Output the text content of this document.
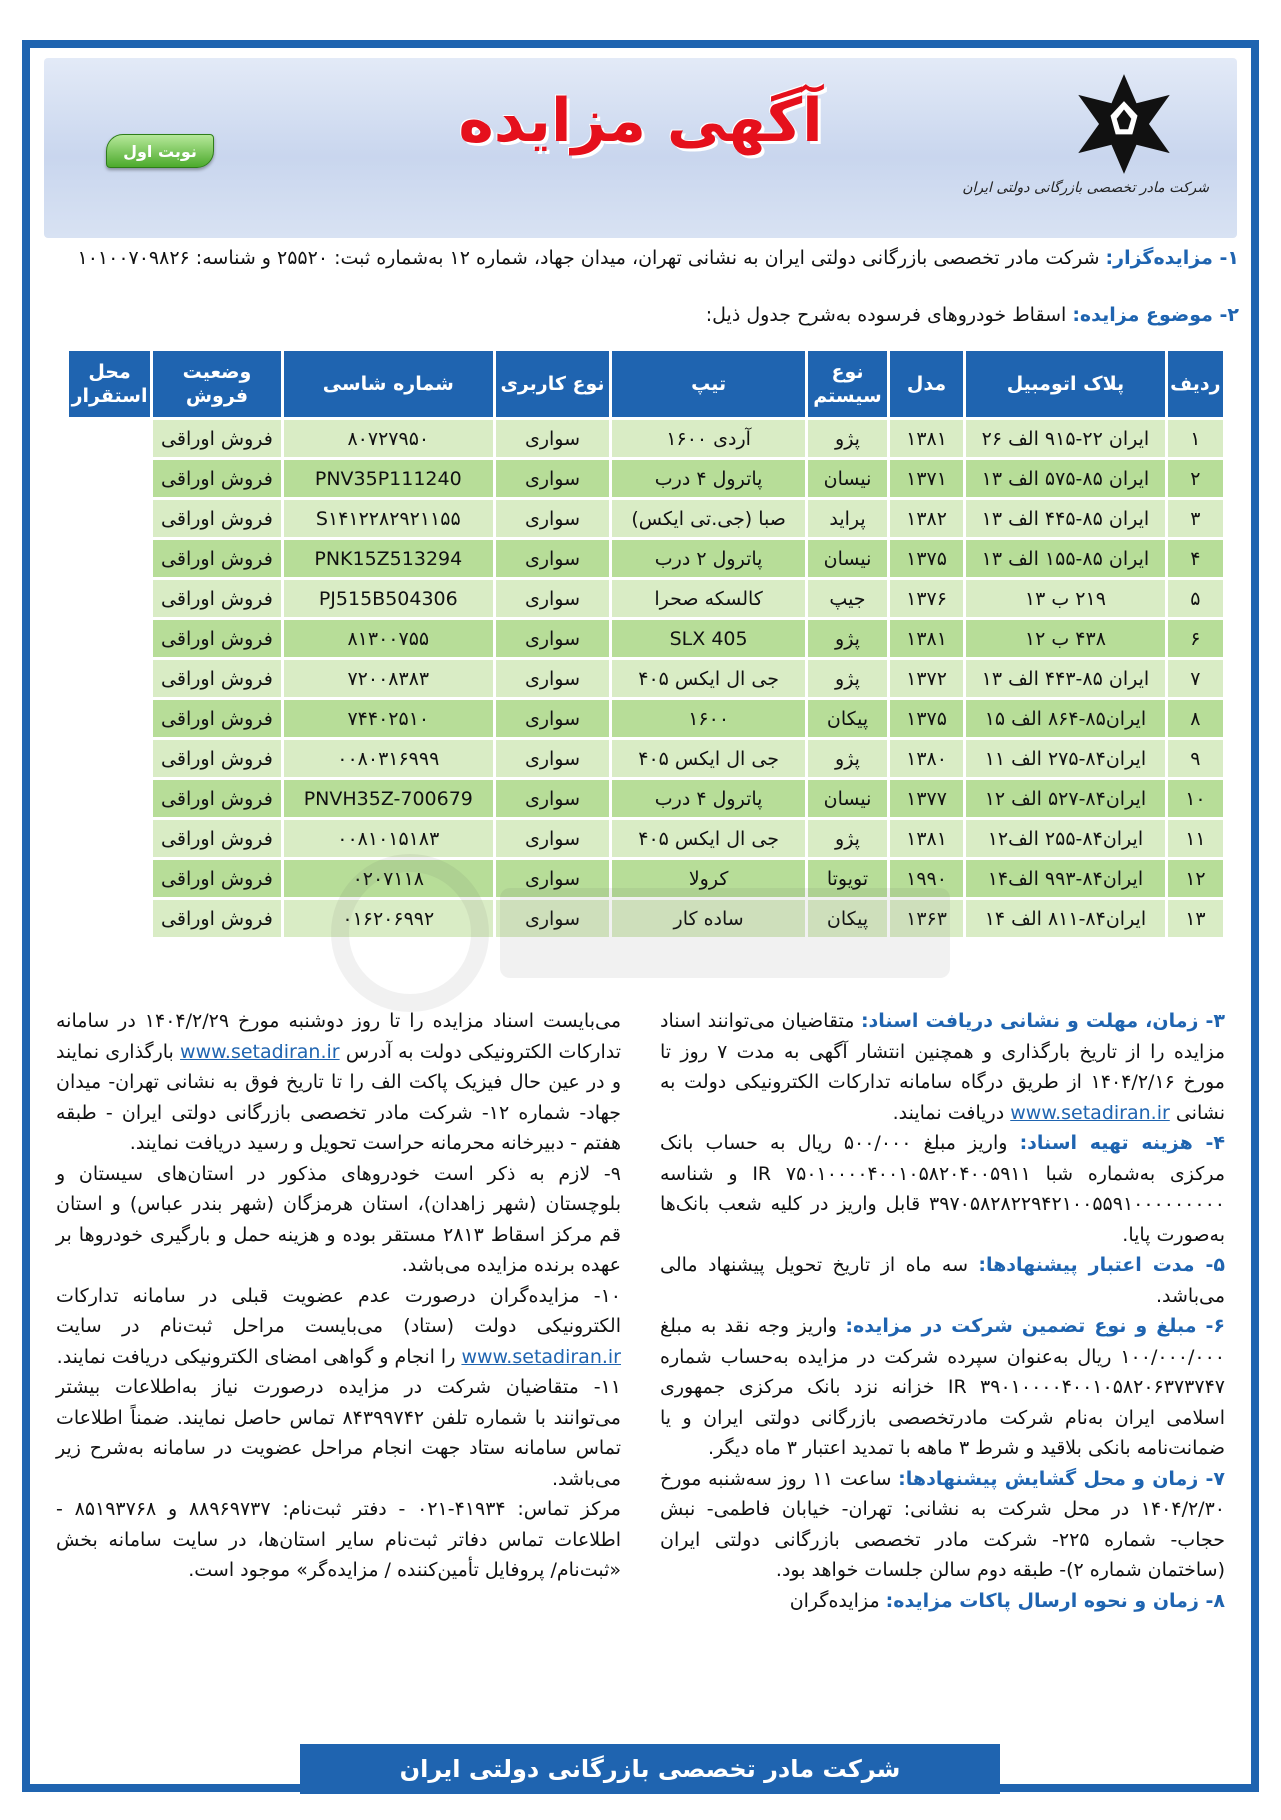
شرکت مادر تخصصی بازرگانی دولتی ایران
آگهی مزایده
نوبت اول
۱- مزایده‌گزار: شرکت مادر تخصصی بازرگانی دولتی ایران به نشانی تهران، میدان جهاد، شماره ۱۲ به‌شماره ثبت: ۲۵۵۲۰ و شناسه: ۱۰۱۰۰۷۰۹۸۲۶
۲- موضوع مزایده: اسقاط خودروهای فرسوده به‌شرح جدول ذیل:
ردیف	پلاک اتومبیل	مدل	نوع سیستم	تیپ	نوع کاربری	شماره شاسی	وضعیت فروش	محل استقرار
۱	ایران ۲۲-۹۱۵ الف ۲۶	۱۳۸۱	پژو	آردی ۱۶۰۰	سواری	۸۰۷۲۷۹۵۰	فروش اوراقی	
۲	ایران ۸۵-۵۷۵ الف ۱۳	۱۳۷۱	نیسان	پاترول ۴ درب	سواری	PNV35P111240	فروش اوراقی	
۳	ایران ۸۵-۴۴۵ الف ۱۳	۱۳۸۲	پراید	صبا (جی.تی ایکس)	سواری	S۱۴۱۲۲۸۲۹۲۱۱۵۵	فروش اوراقی	
۴	ایران ۸۵-۱۵۵ الف ۱۳	۱۳۷۵	نیسان	پاترول ۲ درب	سواری	PNK15Z513294	فروش اوراقی	
۵	۲۱۹ ب ۱۳	۱۳۷۶	جیپ	کالسکه صحرا	سواری	PJ515B504306	فروش اوراقی	
۶	۴۳۸ ب ۱۲	۱۳۸۱	پژو	405 SLX	سواری	۸۱۳۰۰۷۵۵	فروش اوراقی	
۷	ایران ۸۵-۴۴۳ الف ۱۳	۱۳۷۲	پژو	جی ال ایکس ۴۰۵	سواری	۷۲۰۰۸۳۸۳	فروش اوراقی	
۸	ایران۸۵-۸۶۴ الف ۱۵	۱۳۷۵	پیکان	۱۶۰۰	سواری	۷۴۴۰۲۵۱۰	فروش اوراقی	
۹	ایران۸۴-۲۷۵ الف ۱۱	۱۳۸۰	پژو	جی ال ایکس ۴۰۵	سواری	۰۰۸۰۳۱۶۹۹۹	فروش اوراقی	
۱۰	ایران۸۴-۵۲۷ الف ۱۲	۱۳۷۷	نیسان	پاترول ۴ درب	سواری	PNVH35Z-700679	فروش اوراقی	
۱۱	ایران۸۴-۲۵۵ الف۱۲	۱۳۸۱	پژو	جی ال ایکس ۴۰۵	سواری	۰۰۸۱۰۱۵۱۸۳	فروش اوراقی	
۱۲	ایران۸۴-۹۹۳ الف۱۴	۱۹۹۰	تویوتا	کرولا	سواری	۰۲۰۷۱۱۸	فروش اوراقی	
۱۳	ایران۸۴-۸۱۱ الف ۱۴	۱۳۶۳	پیکان	ساده کار	سواری	۰۱۶۲۰۶۹۹۲	فروش اوراقی	

۳- زمان، مهلت و نشانی دریافت اسناد: متقاضیان می‌توانند اسناد مزایده را از تاریخ بارگذاری و همچنین انتشار آگهی به مدت ۷ روز تا مورخ ۱۴۰۴/۲/۱۶ از طریق درگاه سامانه تدارکات الکترونیکی دولت به نشانی www.setadiran.ir دریافت نمایند.

۴- هزینه تهیه اسناد: واریز مبلغ ۵۰۰/۰۰۰ ریال به حساب بانک مرکزی به‌شماره شبا IR ۷۵۰۱۰۰۰۰۴۰۰۱۰۵۸۲۰۴۰۰۵۹۱۱ و شناسه ۳۹۷۰۵۸۲۸۲۲۹۴۲۱۰۰۵۵۹۱۰۰۰۰۰۰۰۰۰ قابل واریز در کلیه شعب بانک‌ها به‌صورت پایا.

۵- مدت اعتبار پیشنهادها: سه ماه از تاریخ تحویل پیشنهاد مالی می‌باشد.

۶- مبلغ و نوع تضمین شرکت در مزایده: واریز وجه نقد به مبلغ ۱۰۰/۰۰۰/۰۰۰ ریال به‌عنوان سپرده شرکت در مزایده به‌حساب شماره IR ۳۹۰۱۰۰۰۰۴۰۰۱۰۵۸۲۰۶۳۷۳۷۴۷ خزانه نزد بانک مرکزی جمهوری اسلامی ایران به‌نام شرکت مادرتخصصی بازرگانی دولتی ایران و یا ضمانت‌نامه بانکی بلاقید و شرط ۳ ماهه با تمدید اعتبار ۳ ماه دیگر.

۷- زمان و محل گشایش پیشنهادها: ساعت ۱۱ روز سه‌شنبه مورخ ۱۴۰۴/۲/۳۰ در محل شرکت به نشانی: تهران- خیابان فاطمی- نبش حجاب- شماره ۲۲۵- شرکت مادر تخصصی بازرگانی دولتی ایران (ساختمان شماره ۲)- طبقه دوم سالن جلسات خواهد بود.

۸- زمان و نحوه ارسال پاکات مزایده: مزایده‌گران

می‌بایست اسناد مزایده را تا روز دوشنبه مورخ ۱۴۰۴/۲/۲۹ در سامانه تدارکات الکترونیکی دولت به آدرس www.setadiran.ir بارگذاری نمایند و در عین حال فیزیک پاکت الف را تا تاریخ فوق به نشانی تهران- میدان جهاد- شماره ۱۲- شرکت مادر تخصصی بازرگانی دولتی ایران - طبقه هفتم - دبیرخانه محرمانه حراست تحویل و رسید دریافت نمایند.

۹- لازم به ذکر است خودروهای مذکور در استان‌های سیستان و بلوچستان (شهر زاهدان)، استان هرمزگان (شهر بندر عباس) و استان قم مرکز اسقاط ۲۸۱۳ مستقر بوده و هزینه حمل و بارگیری خودروها بر عهده برنده مزایده می‌باشد.

۱۰- مزایده‌گران درصورت عدم عضویت قبلی در سامانه تدارکات الکترونیکی دولت (ستاد) می‌بایست مراحل ثبت‌نام در سایت www.setadiran.ir را انجام و گواهی امضای الکترونیکی دریافت نمایند.

۱۱- متقاضیان شرکت در مزایده درصورت نیاز به‌اطلاعات بیشتر می‌توانند با شماره تلفن ۸۴۳۹۹۷۴۲ تماس حاصل نمایند. ضمناً اطلاعات تماس سامانه ستاد جهت انجام مراحل عضویت در سامانه به‌شرح زیر می‌باشد.

مرکز تماس: ۴۱۹۳۴-۰۲۱ - دفتر ثبت‌نام: ۸۸۹۶۹۷۳۷ و ۸۵۱۹۳۷۶۸ - اطلاعات تماس دفاتر ثبت‌نام سایر استان‌ها، در سایت سامانه بخش «ثبت‌نام/ پروفایل تأمین‌کننده / مزایده‌گر» موجود است.

شرکت مادر تخصصی بازرگانی دولتی ایران
